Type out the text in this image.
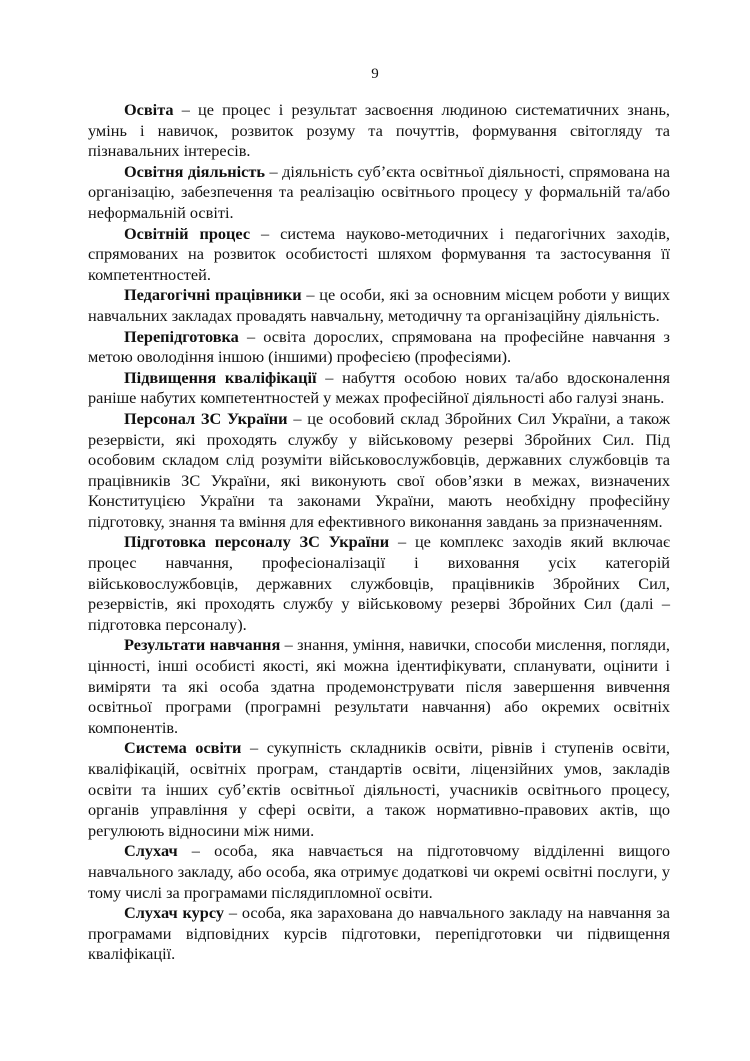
9

Освіта – це процес і результат засвоєння людиною систематичних знань, умінь і навичок, розвиток розуму та почуттів, формування світогляду та пізнавальних інтересів.

Освітня діяльність – діяльність суб’єкта освітньої діяльності, спрямована на організацію, забезпечення та реалізацію освітнього процесу у формальній та/або неформальній освіті.

Освітній процес – система науково-методичних і педагогічних заходів, спрямованих на розвиток особистості шляхом формування та застосування її компетентностей.

Педагогічні працівники – це особи, які за основним місцем роботи у вищих навчальних закладах провадять навчальну, методичну та організаційну діяльність.

Перепідготовка – освіта дорослих, спрямована на професійне навчання з метою оволодіння іншою (іншими) професією (професіями).

Підвищення кваліфікації – набуття особою нових та/або вдосконалення раніше набутих компетентностей у межах професійної діяльності або галузі знань.

Персонал ЗС України – це особовий склад Збройних Сил України, а також резервісти, які проходять службу у військовому резерві Збройних Сил. Під особовим складом слід розуміти військовослужбовців, державних службовців та працівників ЗС України, які виконують свої обов’язки в межах, визначених Конституцією України та законами України, мають необхідну професійну підготовку, знання та вміння для ефективного виконання завдань за призначенням.

Підготовка персоналу ЗС України – це комплекс заходів який включає процес навчання, професіоналізації і виховання усіх категорій військовослужбовців, державних службовців, працівників Збройних Сил, резервістів, які проходять службу у військовому резерві Збройних Сил (далі – підготовка персоналу).

Результати навчання – знання, уміння, навички, способи мислення, погляди, цінності, інші особисті якості, які можна ідентифікувати, спланувати, оцінити і виміряти та які особа здатна продемонструвати після завершення вивчення освітньої програми (програмні результати навчання) або окремих освітніх компонентів.

Система освіти – сукупність складників освіти, рівнів і ступенів освіти, кваліфікацій, освітніх програм, стандартів освіти, ліцензійних умов, закладів освіти та інших суб’єктів освітньої діяльності, учасників освітнього процесу, органів управління у сфері освіти, а також нормативно-правових актів, що регулюють відносини між ними.

Слухач – особа, яка навчається на підготовчому відділенні вищого навчального закладу, або особа, яка отримує додаткові чи окремі освітні послуги, у тому числі за програмами післядипломної освіти.

Слухач курсу – особа, яка зарахована до навчального закладу на навчання за програмами відповідних курсів підготовки, перепідготовки чи підвищення кваліфікації.
